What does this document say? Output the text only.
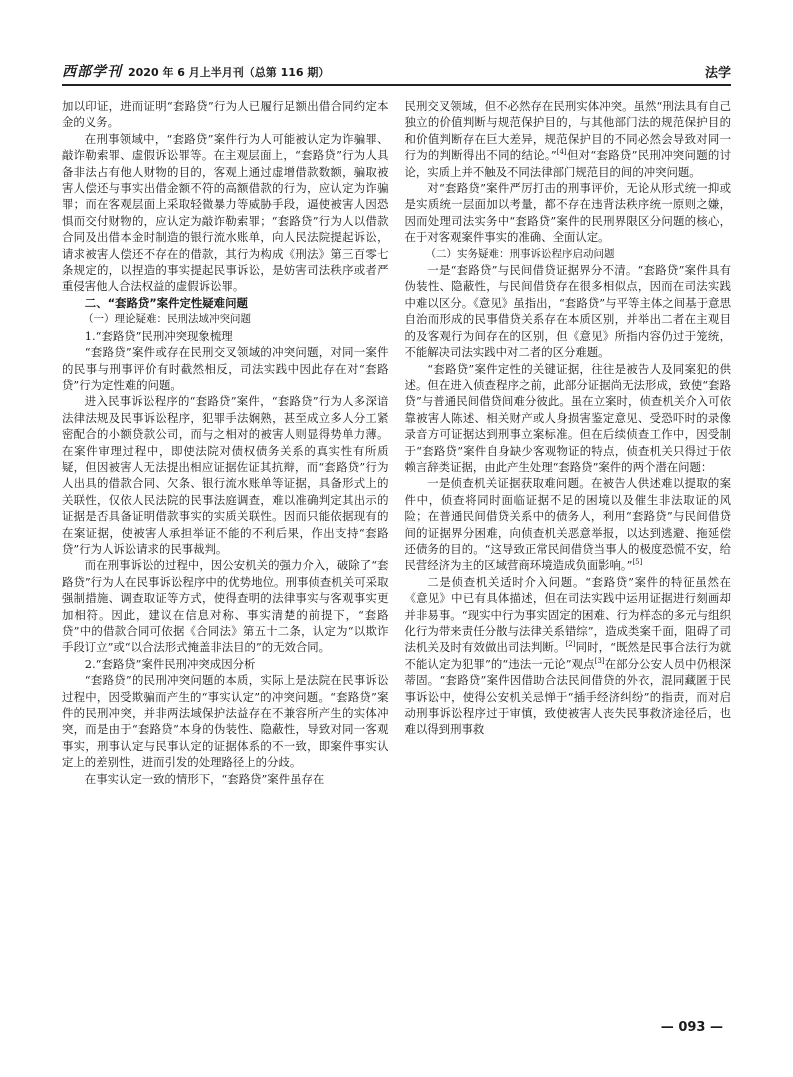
西部学刊 2020 年 6 月上半月刊（总第 116 期）	法学

加以印证，进而证明“套路贷”行为人已履行足额出借合同约定本金的义务。

在刑事领域中，“套路贷”案件行为人可能被认定为诈骗罪、敲诈勒索罪、虚假诉讼罪等。在主观层面上，“套路贷”行为人具备非法占有他人财物的目的，客观上通过虚增借款数额，骗取被害人偿还与事实出借金额不符的高额借款的行为，应认定为诈骗罪；而在客观层面上采取轻微暴力等威胁手段，逼使被害人因恐惧而交付财物的，应认定为敲诈勒索罪；“套路贷”行为人以借款合同及出借本金时制造的银行流水账单，向人民法院提起诉讼，请求被害人偿还不存在的借款，其行为构成《刑法》第三百零七条规定的，以捏造的事实提起民事诉讼，是妨害司法秩序或者严重侵害他人合法权益的虚假诉讼罪。

二、“套路贷”案件定性疑难问题

（一）理论疑难：民刑法域冲突问题

1.“套路贷”民刑冲突现象梳理

“套路贷”案件或存在民刑交叉领域的冲突问题，对同一案件的民事与刑事评价有时截然相反，司法实践中因此存在对“套路贷”行为定性难的问题。

进入民事诉讼程序的“套路贷”案件，“套路贷”行为人多深谙法律法规及民事诉讼程序，犯罪手法娴熟，甚至成立多人分工紧密配合的小额贷款公司，而与之相对的被害人则显得势单力薄。在案件审理过程中，即使法院对债权债务关系的真实性有所质疑，但因被害人无法提出相应证据佐证其抗辩，而“套路贷”行为人出具的借款合同、欠条、银行流水账单等证据，具备形式上的关联性，仅依人民法院的民事法庭调查，难以准确判定其出示的证据是否具备证明借款事实的实质关联性。因而只能依据现有的在案证据，使被害人承担举证不能的不利后果，作出支持“套路贷”行为人诉讼请求的民事裁判。

而在刑事诉讼的过程中，因公安机关的强力介入，破除了“套路贷”行为人在民事诉讼程序中的优势地位。刑事侦查机关可采取强制措施、调查取证等方式，使得查明的法律事实与客观事实更加相符。因此，建议在信息对称、事实清楚的前提下，“套路贷”中的借款合同可依据《合同法》第五十二条，认定为“以欺诈手段订立”或“以合法形式掩盖非法目的”的无效合同。

2.“套路贷”案件民刑冲突成因分析

“套路贷”的民刑冲突问题的本质，实际上是法院在民事诉讼过程中，因受欺骗而产生的“事实认定”的冲突问题。“套路贷”案件的民刑冲突，并非两法域保护法益存在不兼容所产生的实体冲突，而是由于“套路贷”本身的伪装性、隐蔽性，导致对同一客观事实，刑事认定与民事认定的证据体系的不一致，即案件事实认定上的差别性，进而引发的处理路径上的分歧。

在事实认定一致的情形下，“套路贷”案件虽存在

民刑交叉领域，但不必然存在民刑实体冲突。虽然“刑法具有自己独立的价值判断与规范保护目的，与其他部门法的规范保护目的和价值判断存在巨大差异，规范保护目的不同必然会导致对同一行为的判断得出不同的结论。”[4]但对“套路贷”民刑冲突问题的讨论，实质上并不触及不同法律部门规范目的间的冲突问题。

对“套路贷”案件严厉打击的刑事评价，无论从形式统一抑或是实质统一层面加以考量，都不存在违背法秩序统一原则之嫌，因而处理司法实务中“套路贷”案件的民刑界限区分问题的核心，在于对客观案件事实的准确、全面认定。

（二）实务疑难：刑事诉讼程序启动问题

一是“套路贷”与民间借贷证据界分不清。“套路贷”案件具有伪装性、隐蔽性，与民间借贷存在很多相似点，因而在司法实践中难以区分。《意见》虽指出，“套路贷”与平等主体之间基于意思自治而形成的民事借贷关系存在本质区别，并举出二者在主观目的及客观行为间存在的区别，但《意见》所指内容仍过于笼统，不能解决司法实践中对二者的区分难题。

“套路贷”案件定性的关键证据，往往是被告人及同案犯的供述。但在进入侦查程序之前，此部分证据尚无法形成，致使“套路贷”与普通民间借贷间难分彼此。虽在立案时，侦查机关介入可依靠被害人陈述、相关财产或人身损害鉴定意见、受恐吓时的录像录音方可证据达到刑事立案标准。但在后续侦查工作中，因受制于“套路贷”案件自身缺少客观物证的特点，侦查机关只得过于依赖言辞类证据，由此产生处理“套路贷”案件的两个潜在问题：

一是侦查机关证据获取难问题。在被告人供述难以提取的案件中，侦查将同时面临证据不足的困境以及催生非法取证的风险；在普通民间借贷关系中的债务人，利用“套路贷”与民间借贷间的证据界分困难，向侦查机关恶意举报，以达到逃避、拖延偿还债务的目的。“这导致正常民间借贷当事人的极度恐慌不安，给民营经济为主的区域营商环境造成负面影响。”[5]

二是侦查机关适时介入问题。“套路贷”案件的特征虽然在《意见》中已有具体描述，但在司法实践中运用证据进行刻画却并非易事。“现实中行为事实固定的困难、行为样态的多元与组织化行为带来责任分散与法律关系错综”，造成类案千面，阻碍了司法机关及时有效做出司法判断。[2]同时，“既然是民事合法行为就不能认定为犯罪”的“违法一元论”观点[3]在部分公安人员中仍根深蒂固。“套路贷”案件因借助合法民间借贷的外衣，混同藏匿于民事诉讼中，使得公安机关忌惮于“插手经济纠纷”的指责，而对启动刑事诉讼程序过于审慎，致使被害人丧失民事救济途径后，也难以得到刑事救

— 093 —
